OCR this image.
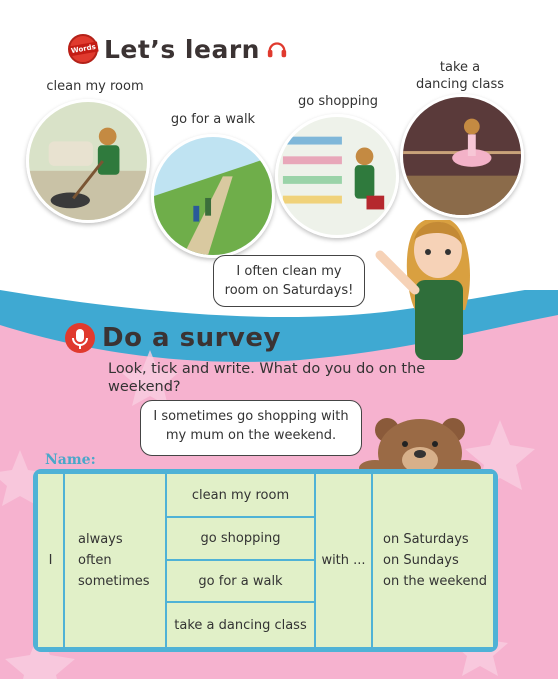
Words Let’s learn
clean my room
go for a walk
go shopping
take a
dancing class
I often clean my
room on Saturdays!
Do a survey
Look, tick and write. What do you do on the weekend?
I sometimes go shopping with
my mum on the weekend.
Name:
I
always
often
sometimes
clean my room
go shopping
go for a walk
take a dancing class
with ...
on Saturdays
on Sundays
on the weekend
